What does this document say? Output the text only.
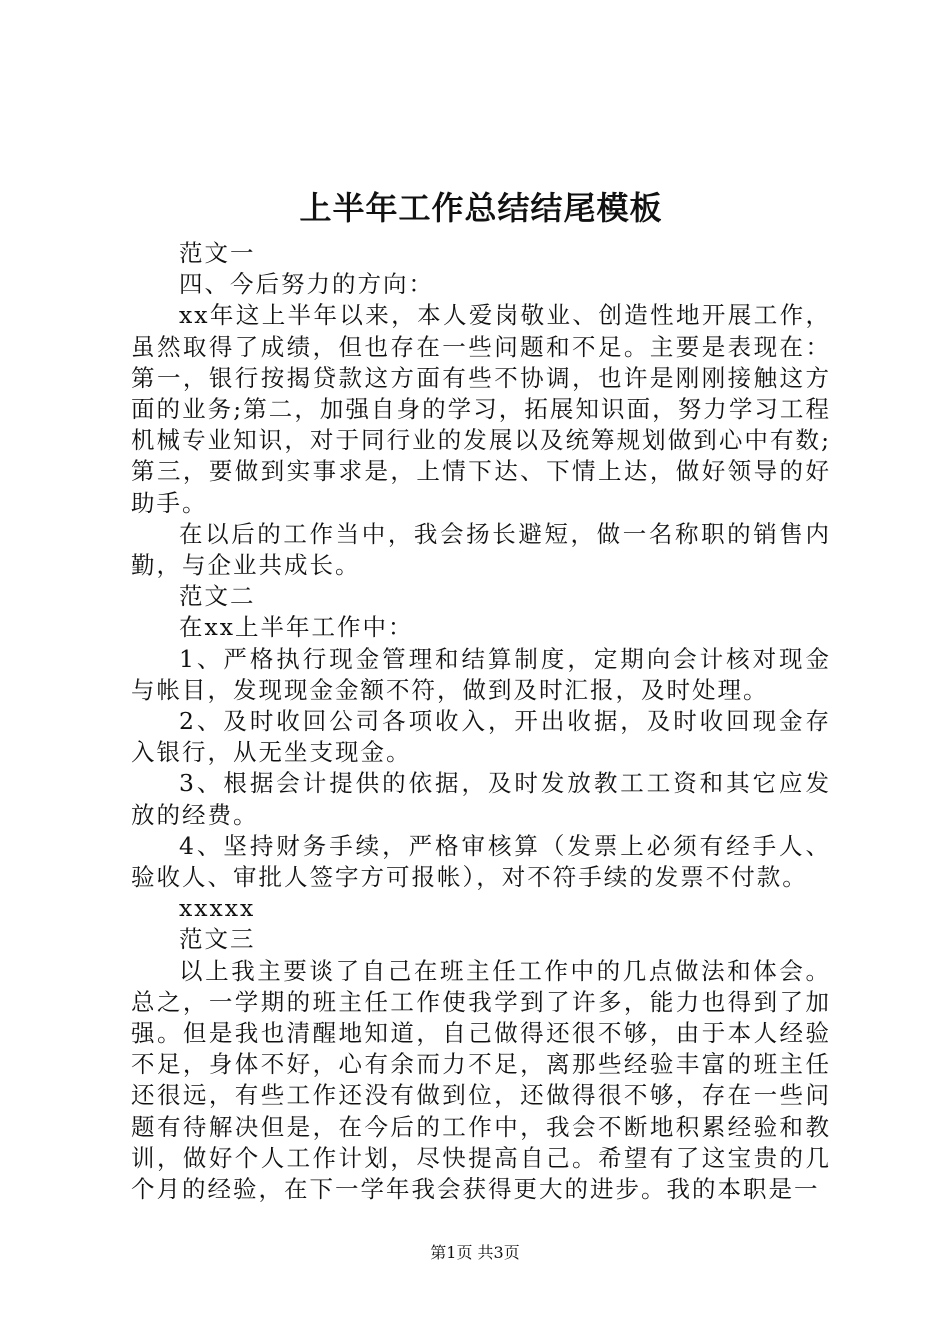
上半年工作总结结尾模板

范文一

四、今后努力的方向：

xx年这上半年以来，本人爱岗敬业、创造性地开展工作，虽然取得了成绩，但也存在一些问题和不足。主要是表现在：第一，银行按揭贷款这方面有些不协调，也许是刚刚接触这方面的业务;第二，加强自身的学习，拓展知识面，努力学习工程机械专业知识，对于同行业的发展以及统筹规划做到心中有数;第三，要做到实事求是，上情下达、下情上达，做好领导的好助手。

在以后的工作当中，我会扬长避短，做一名称职的销售内勤，与企业共成长。

范文二

在xx上半年工作中：

1、严格执行现金管理和结算制度，定期向会计核对现金与帐目，发现现金金额不符，做到及时汇报，及时处理。

2、及时收回公司各项收入，开出收据，及时收回现金存入银行，从无坐支现金。

3、根据会计提供的依据，及时发放教工工资和其它应发放的经费。

4、坚持财务手续，严格审核算（发票上必须有经手人、验收人、审批人签字方可报帐），对不符手续的发票不付款。

xxxxx

范文三

以上我主要谈了自己在班主任工作中的几点做法和体会。总之，一学期的班主任工作使我学到了许多，能力也得到了加强。但是我也清醒地知道，自己做得还很不够，由于本人经验不足，身体不好，心有余而力不足，离那些经验丰富的班主任还很远，有些工作还没有做到位，还做得很不够，存在一些问题有待解决但是，在今后的工作中，我会不断地积累经验和教训，做好个人工作计划，尽快提高自己。希望有了这宝贵的几个月的经验，在下一学年我会获得更大的进步。我的本职是一

第1页 共3页
